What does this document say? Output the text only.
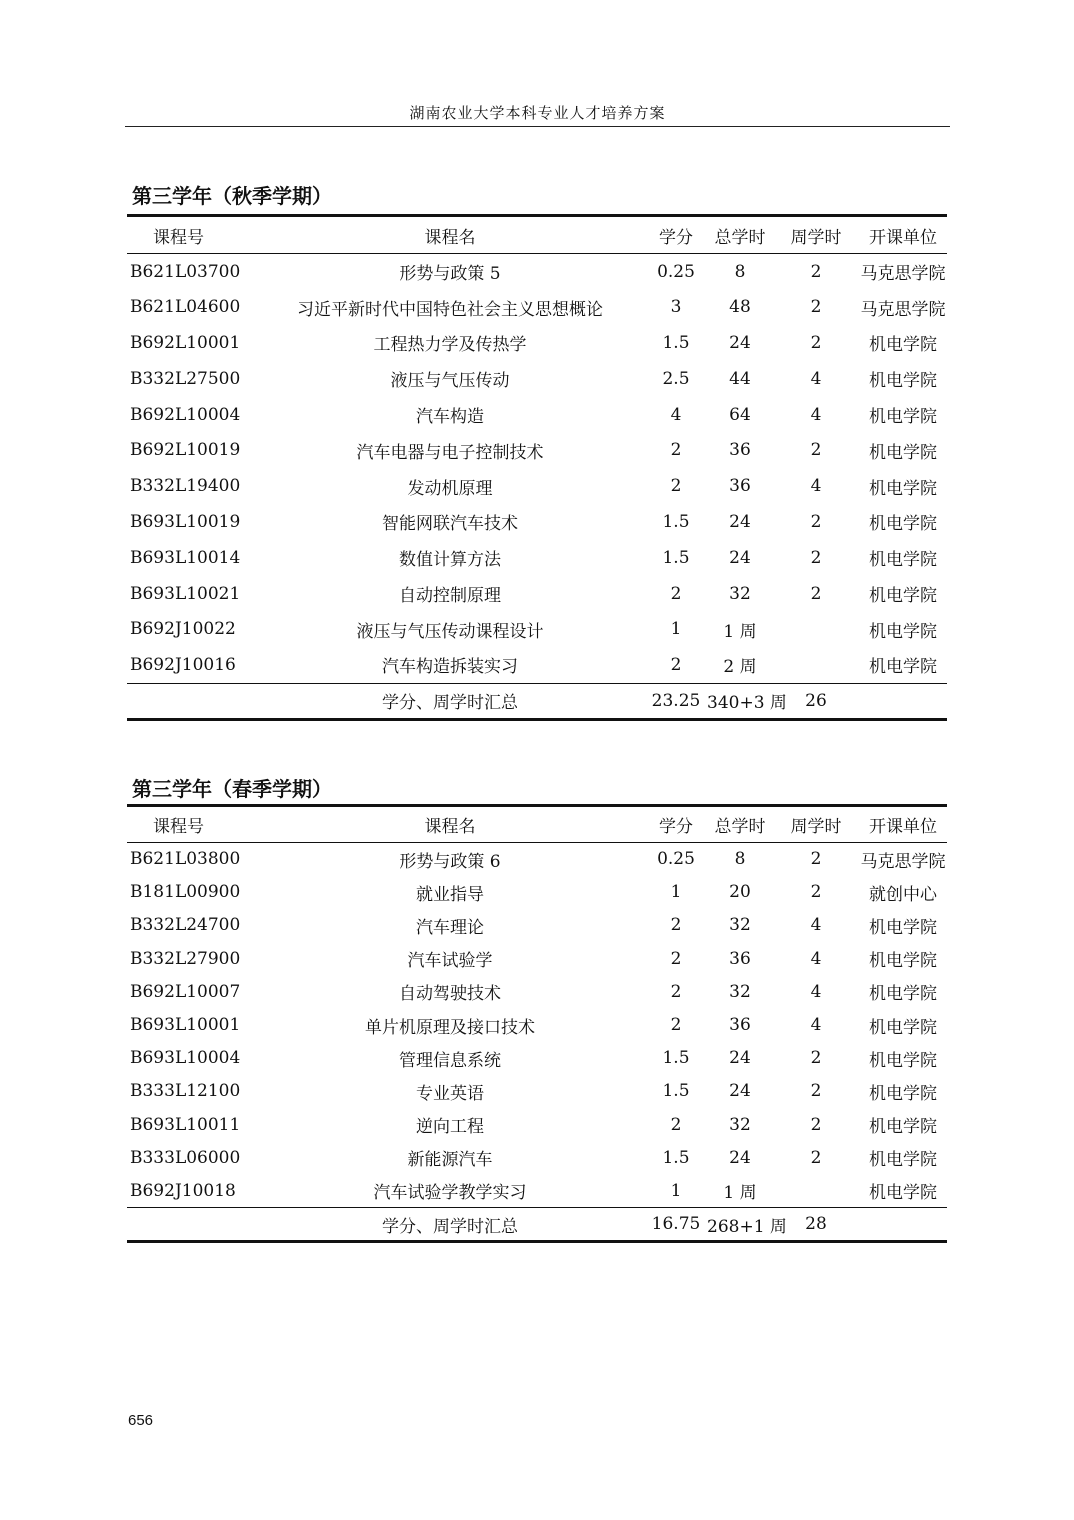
湖南农业大学本科专业人才培养方案
第三学年（秋季学期）
课程号	课程名	学分	总学时	周学时	开课单位
B621L03700	形势与政策 5	0.25	8	2	马克思学院
B621L04600	习近平新时代中国特色社会主义思想概论	3	48	2	马克思学院
B692L10001	工程热力学及传热学	1.5	24	2	机电学院
B332L27500	液压与气压传动	2.5	44	4	机电学院
B692L10004	汽车构造	4	64	4	机电学院
B692L10019	汽车电器与电子控制技术	2	36	2	机电学院
B332L19400	发动机原理	2	36	4	机电学院
B693L10019	智能网联汽车技术	1.5	24	2	机电学院
B693L10014	数值计算方法	1.5	24	2	机电学院
B693L10021	自动控制原理	2	32	2	机电学院
B692J10022	液压与气压传动课程设计	1	1 周		机电学院
B692J10016	汽车构造拆装实习	2	2 周		机电学院
	学分、周学时汇总	23.25	340+3 周	26	
第三学年（春季学期）
课程号	课程名	学分	总学时	周学时	开课单位
B621L03800	形势与政策 6	0.25	8	2	马克思学院
B181L00900	就业指导	1	20	2	就创中心
B332L24700	汽车理论	2	32	4	机电学院
B332L27900	汽车试验学	2	36	4	机电学院
B692L10007	自动驾驶技术	2	32	4	机电学院
B693L10001	单片机原理及接口技术	2	36	4	机电学院
B693L10004	管理信息系统	1.5	24	2	机电学院
B333L12100	专业英语	1.5	24	2	机电学院
B693L10011	逆向工程	2	32	2	机电学院
B333L06000	新能源汽车	1.5	24	2	机电学院
B692J10018	汽车试验学教学实习	1	1 周		机电学院
	学分、周学时汇总	16.75	268+1 周	28	
656
